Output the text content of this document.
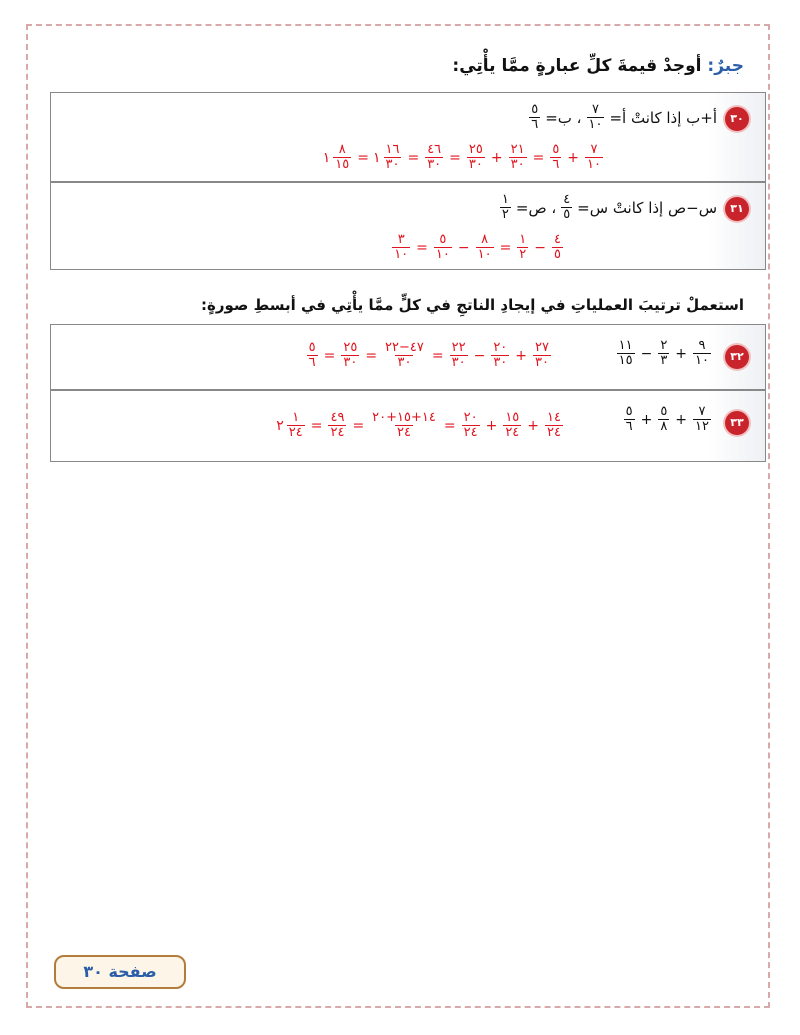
جبرٌ: أوجدْ قيمةَ كلِّ عبارةٍ ممَّا يأْتِي:
٣٠
أ+ب إذا كانتْ أ=
$\frac{٧}{١٠}$
، ب=
$\frac{٥}{٦}$
$\frac{٧}{١٠}$
+
$\frac{٥}{٦}$
=
$\frac{٢١}{٣٠}$
+
$\frac{٢٥}{٣٠}$
=
$\frac{٤٦}{٣٠}$
=
١ $\frac{١٦}{٣٠}$
=
١ $\frac{٨}{١٥}$
٣١
س−ص إذا كانتْ س=
$\frac{٤}{٥}$
، ص=
$\frac{١}{٢}$
$\frac{٤}{٥}$
−
$\frac{١}{٢}$
=
$\frac{٨}{١٠}$
−
$\frac{٥}{١٠}$
=
$\frac{٣}{١٠}$
استعملْ ترتيبَ العملياتِ في إيجادِ الناتجِ في كلٍّ ممَّا يأْتِي في أبسطِ صورةٍ:
٣٢
$\frac{٩}{١٠}$
+
$\frac{٢}{٣}$
−
$\frac{١١}{١٥}$
$\frac{٢٧}{٣٠}$
+
$\frac{٢٠}{٣٠}$
−
$\frac{٢٢}{٣٠}$
=
$\frac{٤٧-٢٢}{٣٠}$
=
$\frac{٢٥}{٣٠}$
=
$\frac{٥}{٦}$
٣٣
$\frac{٧}{١٢}$
+
$\frac{٥}{٨}$
+
$\frac{٥}{٦}$
$\frac{١٤}{٢٤}$
+
$\frac{١٥}{٢٤}$
+
$\frac{٢٠}{٢٤}$
=
$\frac{١٤+١٥+٢٠}{٢٤}$
=
$\frac{٤٩}{٢٤}$
=
٢ $\frac{١}{٢٤}$
صفحة ٣٠
